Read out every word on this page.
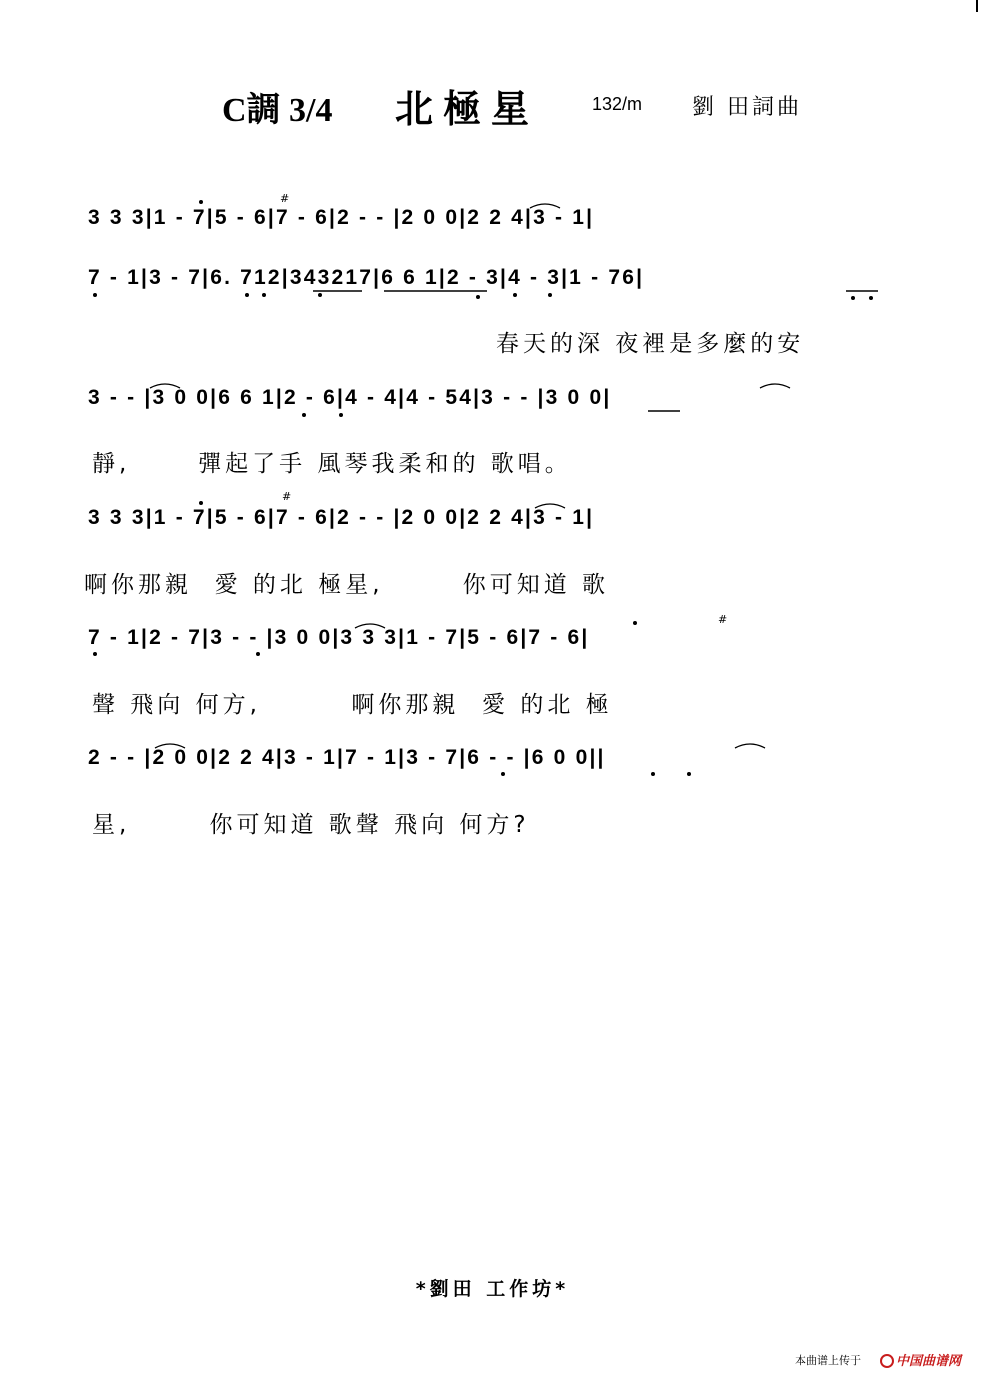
C調 3/4 北極星	132/m 劉 田詞曲
3 3 3|1 - 7|5 - 6|7 - 6|2 - - |2 0 0|2 2 4|3 - 1|
7 - 1|3 - 7|6. 712|343217|6 6 1|2 - 3|4 - 3|1 - 76|
春天的深 夜裡是多麼的安
3 - - |3 0 0|6 6 1|2 - 6|4 - 4|4 - 54|3 - - |3 0 0|
靜,      彈起了手 風琴我柔和的 歌唱。
3 3 3|1 - 7|5 - 6|7 - 6|2 - - |2 0 0|2 2 4|3 - 1|
啊你那親  愛 的北 極星,       你可知道 歌
7 - 1|2 - 7|3 - - |3 0 0|3 3 3|1 - 7|5 - 6|7 - 6|
聲 飛向 何方,        啊你那親  愛 的北 極
2 - - |2 0 0|2 2 4|3 - 1|7 - 1|3 - 7|6 - - |6 0 0||
星,       你可知道 歌聲 飛向 何方?
#
#
#
*劉田 工作坊*
本曲谱上传于	中国曲谱网
